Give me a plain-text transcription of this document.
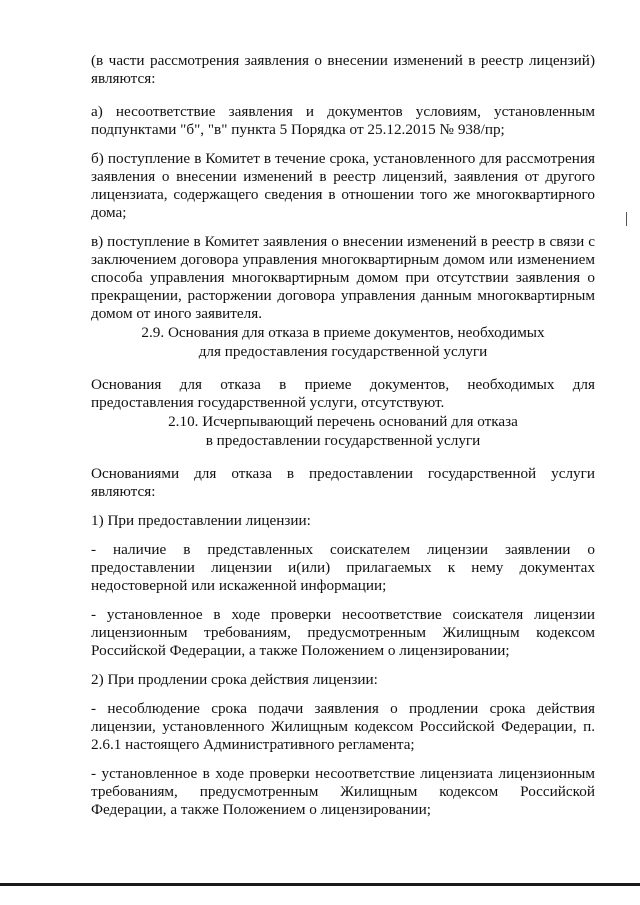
(в части рассмотрения заявления о внесении изменений в реестр лицензий) являются:

а) несоответствие заявления и документов условиям, установленным подпунктами "б", "в" пункта 5 Порядка от 25.12.2015 № 938/пр;

б) поступление в Комитет в течение срока, установленного для рассмотрения заявления о внесении изменений в реестр лицензий, заявления от другого лицензиата, содержащего сведения в отношении того же многоквартирного дома;

в) поступление в Комитет заявления о внесении изменений в реестр в связи с заключением договора управления многоквартирным домом или изменением способа управления многоквартирным домом при отсутствии заявления о прекращении, расторжении договора управления данным многоквартирным домом от иного заявителя.

2.9. Основания для отказа в приеме документов, необходимых
для предоставления государственной услуги

Основания для отказа в приеме документов, необходимых для предоставления государственной услуги, отсутствуют.

2.10. Исчерпывающий перечень оснований для отказа
в предоставлении государственной услуги

Основаниями для отказа в предоставлении государственной услуги являются:

1) При предоставлении лицензии:

- наличие в представленных соискателем лицензии заявлении о предоставлении лицензии и(или) прилагаемых к нему документах недостоверной или искаженной информации;

- установленное в ходе проверки несоответствие соискателя лицензии лицензионным требованиям, предусмотренным Жилищным кодексом Российской Федерации, а также Положением о лицензировании;

2) При продлении срока действия лицензии:

- несоблюдение срока подачи заявления о продлении срока действия лицензии, установленного Жилищным кодексом Российской Федерации, п. 2.6.1 настоящего Административного регламента;

- установленное в ходе проверки несоответствие лицензиата лицензионным требованиям, предусмотренным Жилищным кодексом Российской Федерации, а также Положением о лицензировании;
